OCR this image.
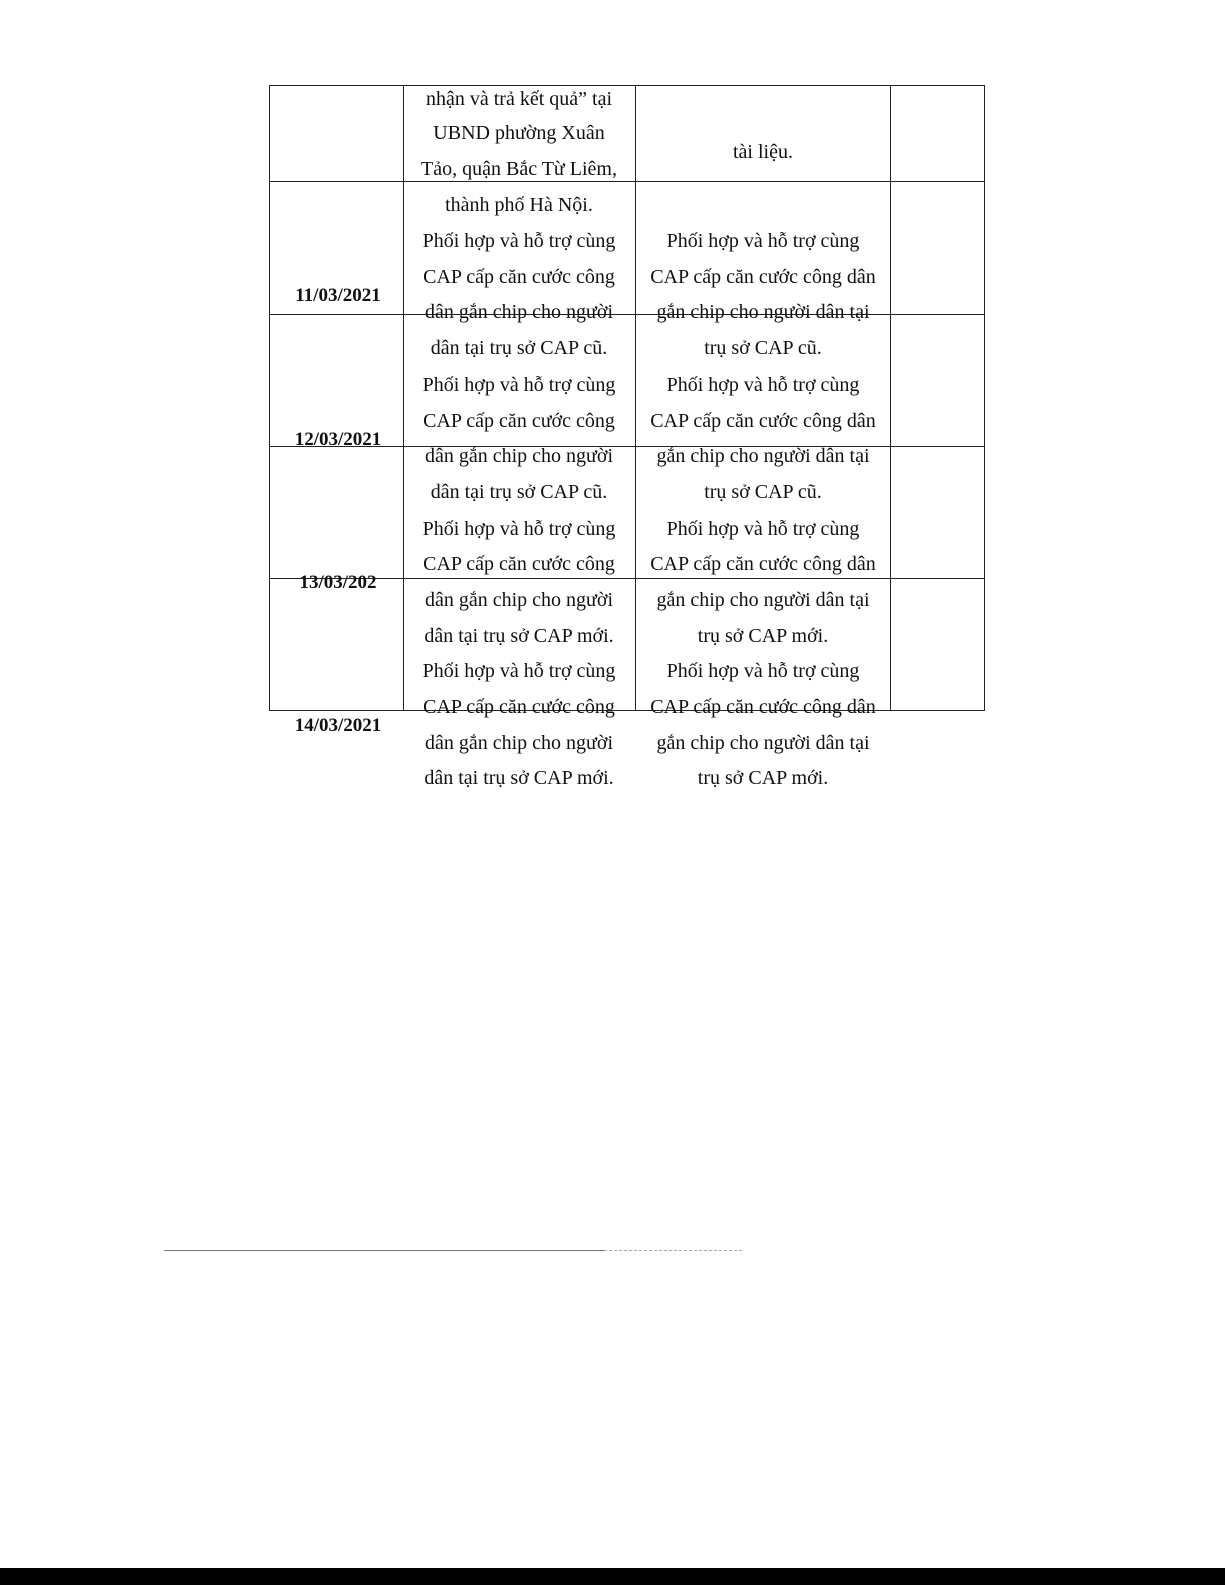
nhận và trả kết quả” tại
UBND phường Xuân
Tảo, quận Bắc Từ Liêm,
thành phố Hà Nội.
tài liệu.
11/03/2021
12/03/2021
13/03/202
14/03/2021
Phối hợp và hỗ trợ cùng
CAP cấp căn cước công
dân gắn chip cho người
dân tại trụ sở CAP cũ.
Phối hợp và hỗ trợ cùng
CAP cấp căn cước công dân
gắn chip cho người dân tại
trụ sở CAP cũ.
Phối hợp và hỗ trợ cùng
CAP cấp căn cước công
dân gắn chip cho người
dân tại trụ sở CAP cũ.
Phối hợp và hỗ trợ cùng
CAP cấp căn cước công dân
gắn chip cho người dân tại
trụ sở CAP cũ.
Phối hợp và hỗ trợ cùng
CAP cấp căn cước công
dân gắn chip cho người
dân tại trụ sở CAP mới.
Phối hợp và hỗ trợ cùng
CAP cấp căn cước công dân
gắn chip cho người dân tại
trụ sở CAP mới.
Phối hợp và hỗ trợ cùng
CAP cấp căn cước công
dân gắn chip cho người
dân tại trụ sở CAP mới.
Phối hợp và hỗ trợ cùng
CAP cấp căn cước công dân
gắn chip cho người dân tại
trụ sở CAP mới.
